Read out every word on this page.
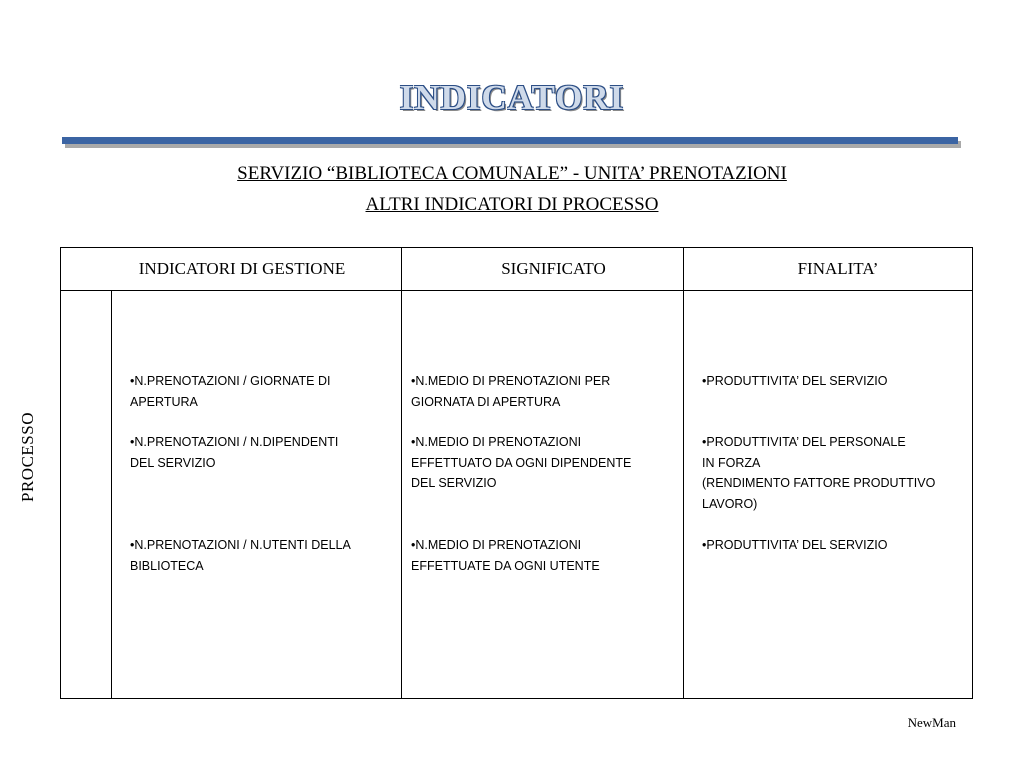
INDICATORI
SERVIZIO “BIBLIOTECA COMUNALE” - UNITA’ PRENOTAZIONI
ALTRI INDICATORI DI PROCESSO
INDICATORI DI GESTIONE	SIGNIFICATO	FINALITA’
PROCESSO
•N.PRENOTAZIONI / GIORNATE DI
APERTURA
•N.MEDIO DI PRENOTAZIONI PER
GIORNATA DI APERTURA
•PRODUTTIVITA’ DEL SERVIZIO
•N.PRENOTAZIONI / N.DIPENDENTI
DEL SERVIZIO
•N.MEDIO DI PRENOTAZIONI
EFFETTUATO DA OGNI DIPENDENTE
DEL SERVIZIO
•PRODUTTIVITA’ DEL PERSONALE
IN FORZA
(RENDIMENTO FATTORE PRODUTTIVO
LAVORO)
•N.PRENOTAZIONI / N.UTENTI DELLA
BIBLIOTECA
•N.MEDIO DI PRENOTAZIONI
EFFETTUATE DA OGNI UTENTE
•PRODUTTIVITA’ DEL SERVIZIO
NewMan
